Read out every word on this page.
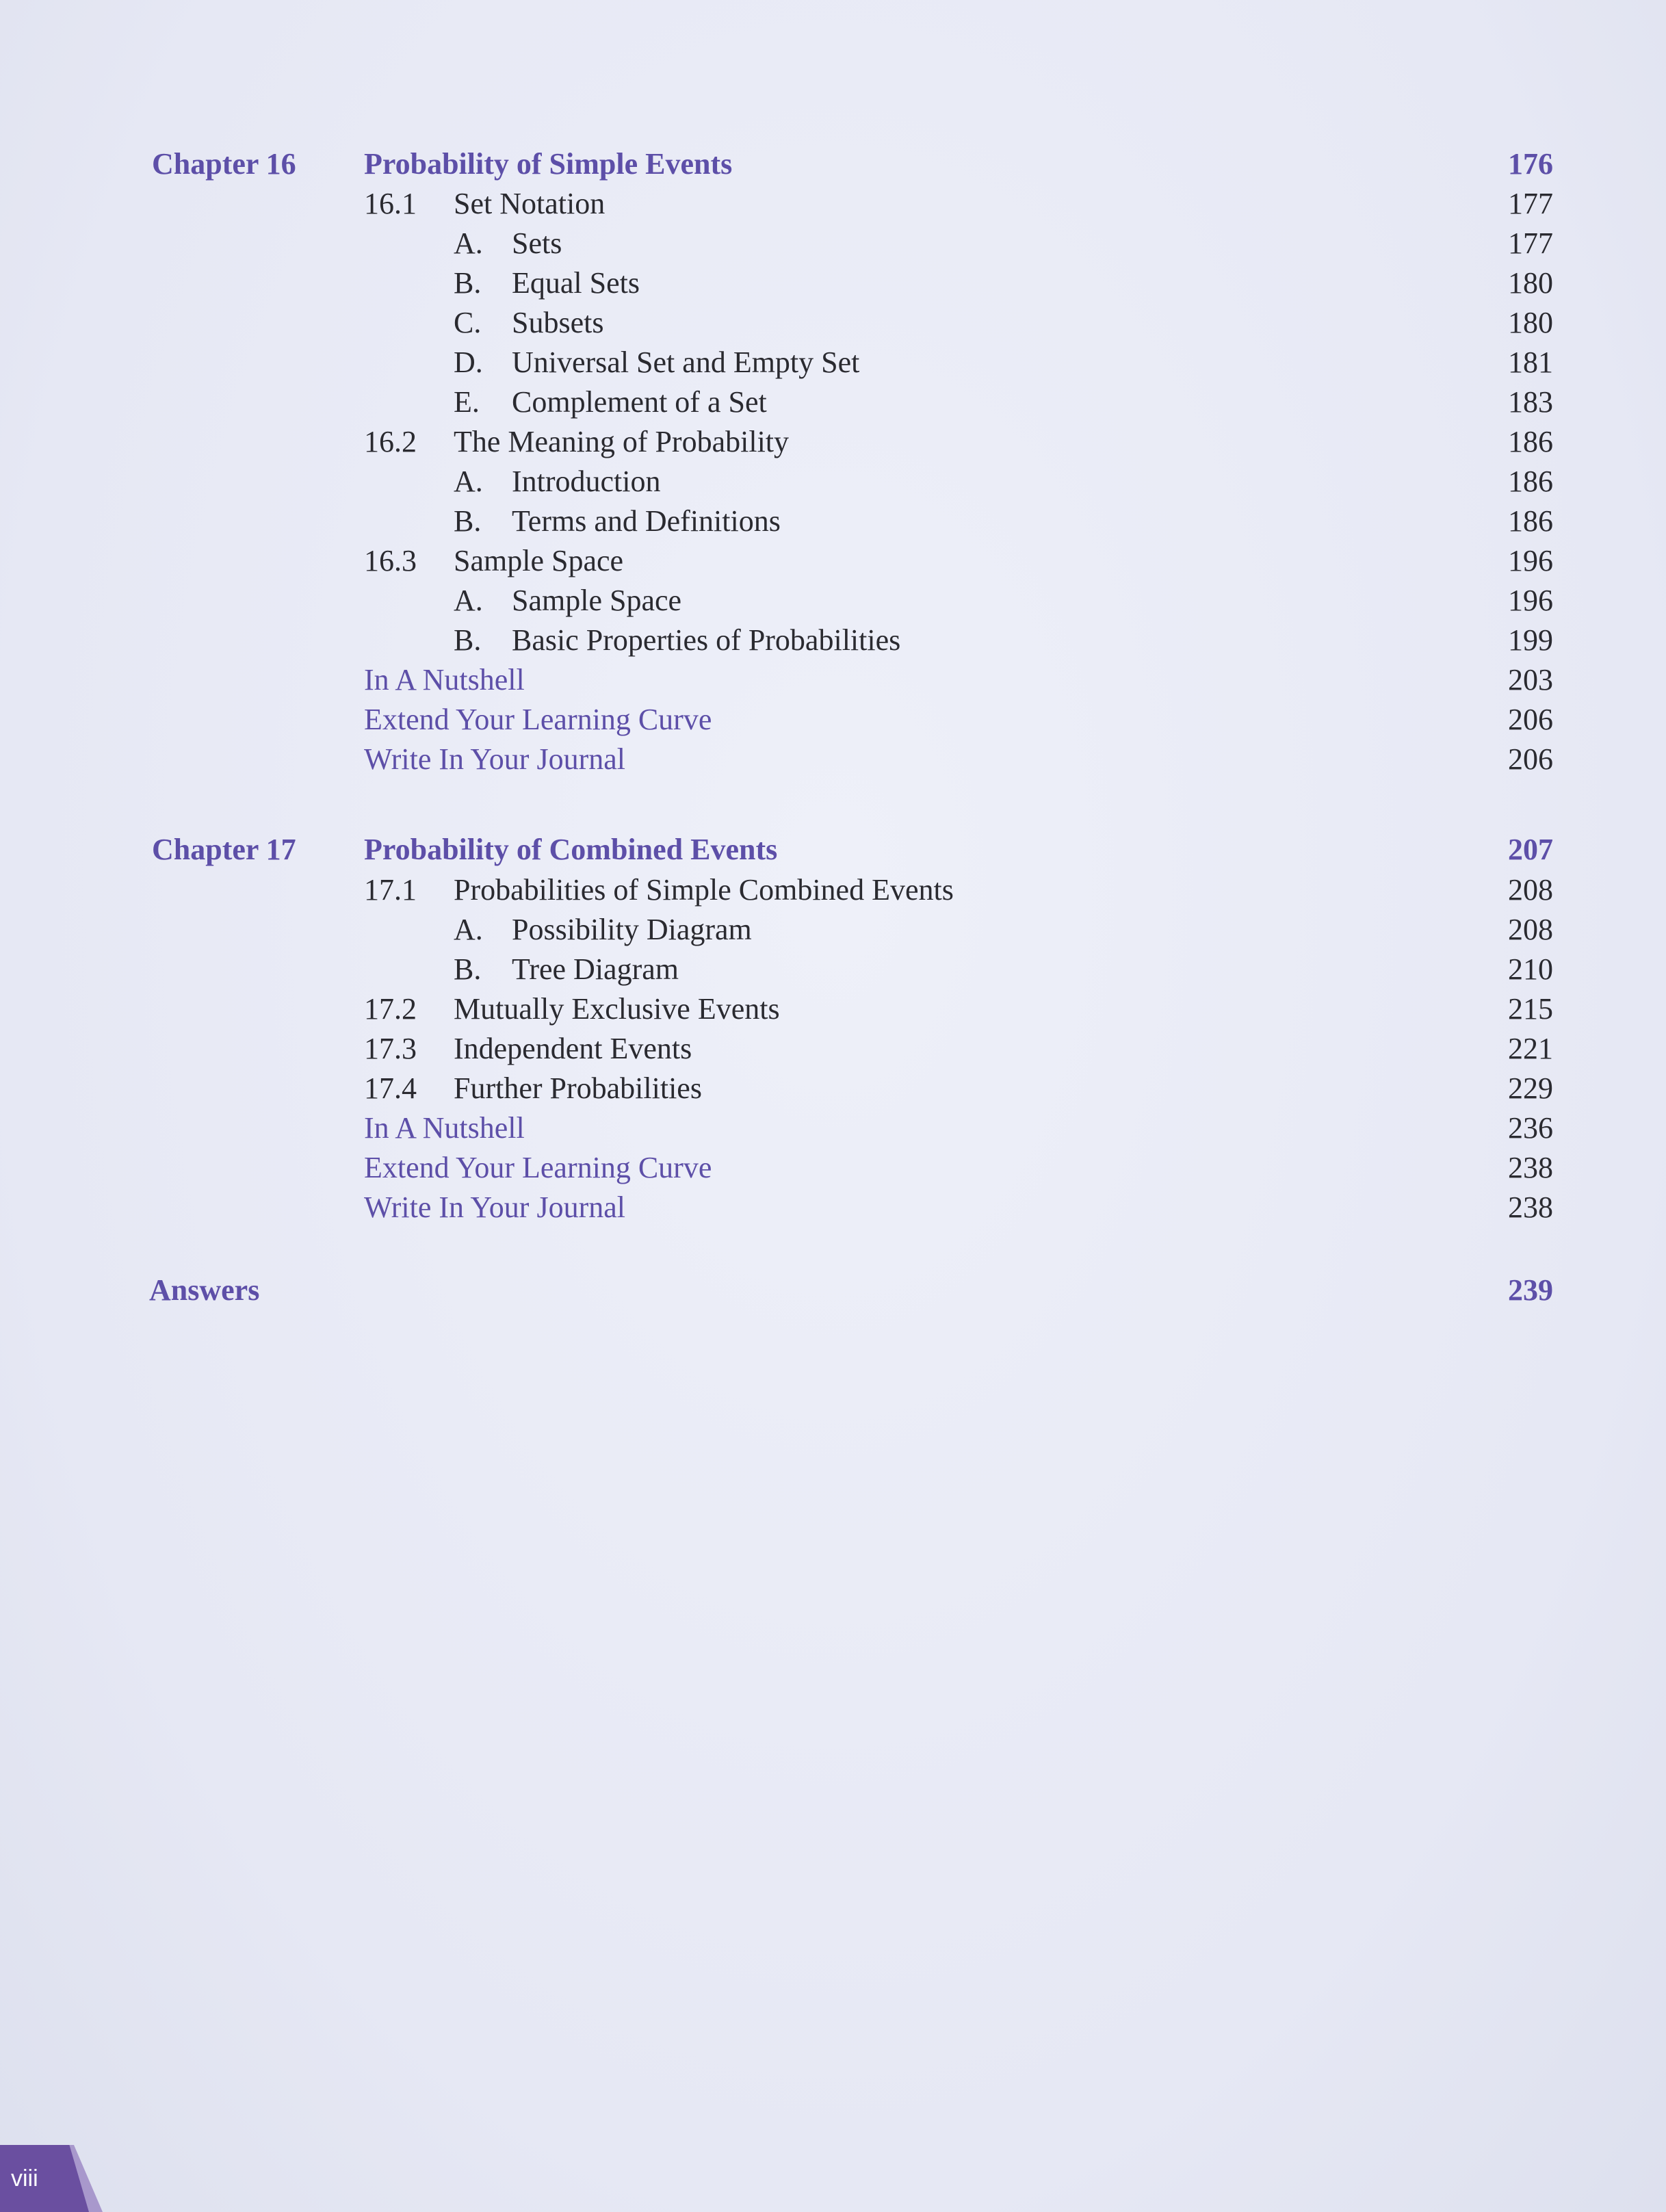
Chapter 16 Probability of Simple Events	176
16.1 Set Notation	177
A. Sets	177
B. Equal Sets	180
C. Subsets	180
D. Universal Set and Empty Set	181
E. Complement of a Set	183
16.2 The Meaning of Probability	186
A. Introduction	186
B. Terms and Definitions	186
16.3 Sample Space	196
A. Sample Space	196
B. Basic Properties of Probabilities	199
In A Nutshell	203
Extend Your Learning Curve	206
Write In Your Journal	206
Chapter 17 Probability of Combined Events	207
17.1 Probabilities of Simple Combined Events	208
A. Possibility Diagram	208
B. Tree Diagram	210
17.2 Mutually Exclusive Events	215
17.3 Independent Events	221
17.4 Further Probabilities	229
In A Nutshell	236
Extend Your Learning Curve	238
Write In Your Journal	238
Answers	239
viii
